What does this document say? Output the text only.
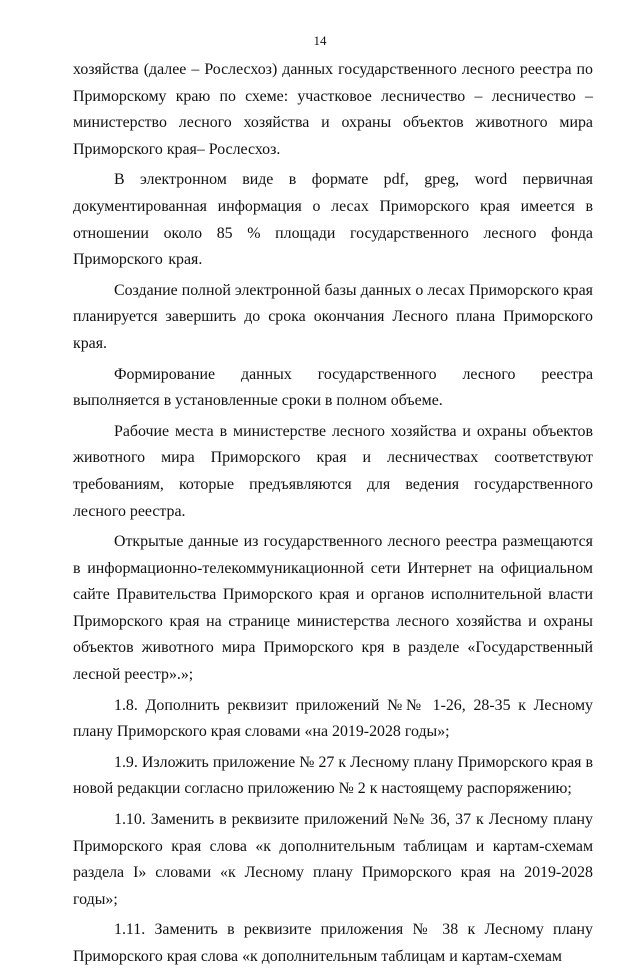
14

хозяйства (далее – Рослесхоз) данных государственного лесного реестра по Приморскому краю по схеме: участковое лесничество – лесничество – министерство лесного хозяйства и охраны объектов животного мира Приморского края– Рослесхоз.

В электронном виде в формате pdf, gpeg, word первичная документированная информация о лесах Приморского края имеется в отношении около 85 % площади государственного лесного фонда Приморского края.

Создание полной электронной базы данных о лесах Приморского края планируется завершить до срока окончания Лесного плана Приморского края.

Формирование данных государственного лесного реестра выполняется в установленные сроки в полном объеме.

Рабочие места в министерстве лесного хозяйства и охраны объектов животного мира Приморского края и лесничествах соответствуют требованиям, которые предъявляются для ведения государственного лесного реестра.

Открытые данные из государственного лесного реестра размещаются в информационно-телекоммуникационной сети Интернет на официальном сайте Правительства Приморского края и органов исполнительной власти Приморского края на странице министерства лесного хозяйства и охраны объектов животного мира Приморского кря в разделе «Государственный лесной реестр».»;

1.8. Дополнить реквизит приложений №№ 1-26, 28-35 к Лесному плану Приморского края словами «на 2019-2028 годы»;

1.9. Изложить приложение № 27 к Лесному плану Приморского края в новой редакции согласно приложению № 2 к настоящему распоряжению;

1.10. Заменить в реквизите приложений №№ 36, 37 к Лесному плану Приморского края слова «к дополнительным таблицам и картам-схемам раздела I» словами «к Лесному плану Приморского края на 2019-2028 годы»;

1.11. Заменить в реквизите приложения № 38 к Лесному плану Приморского края слова «к дополнительным таблицам и картам-схемам
